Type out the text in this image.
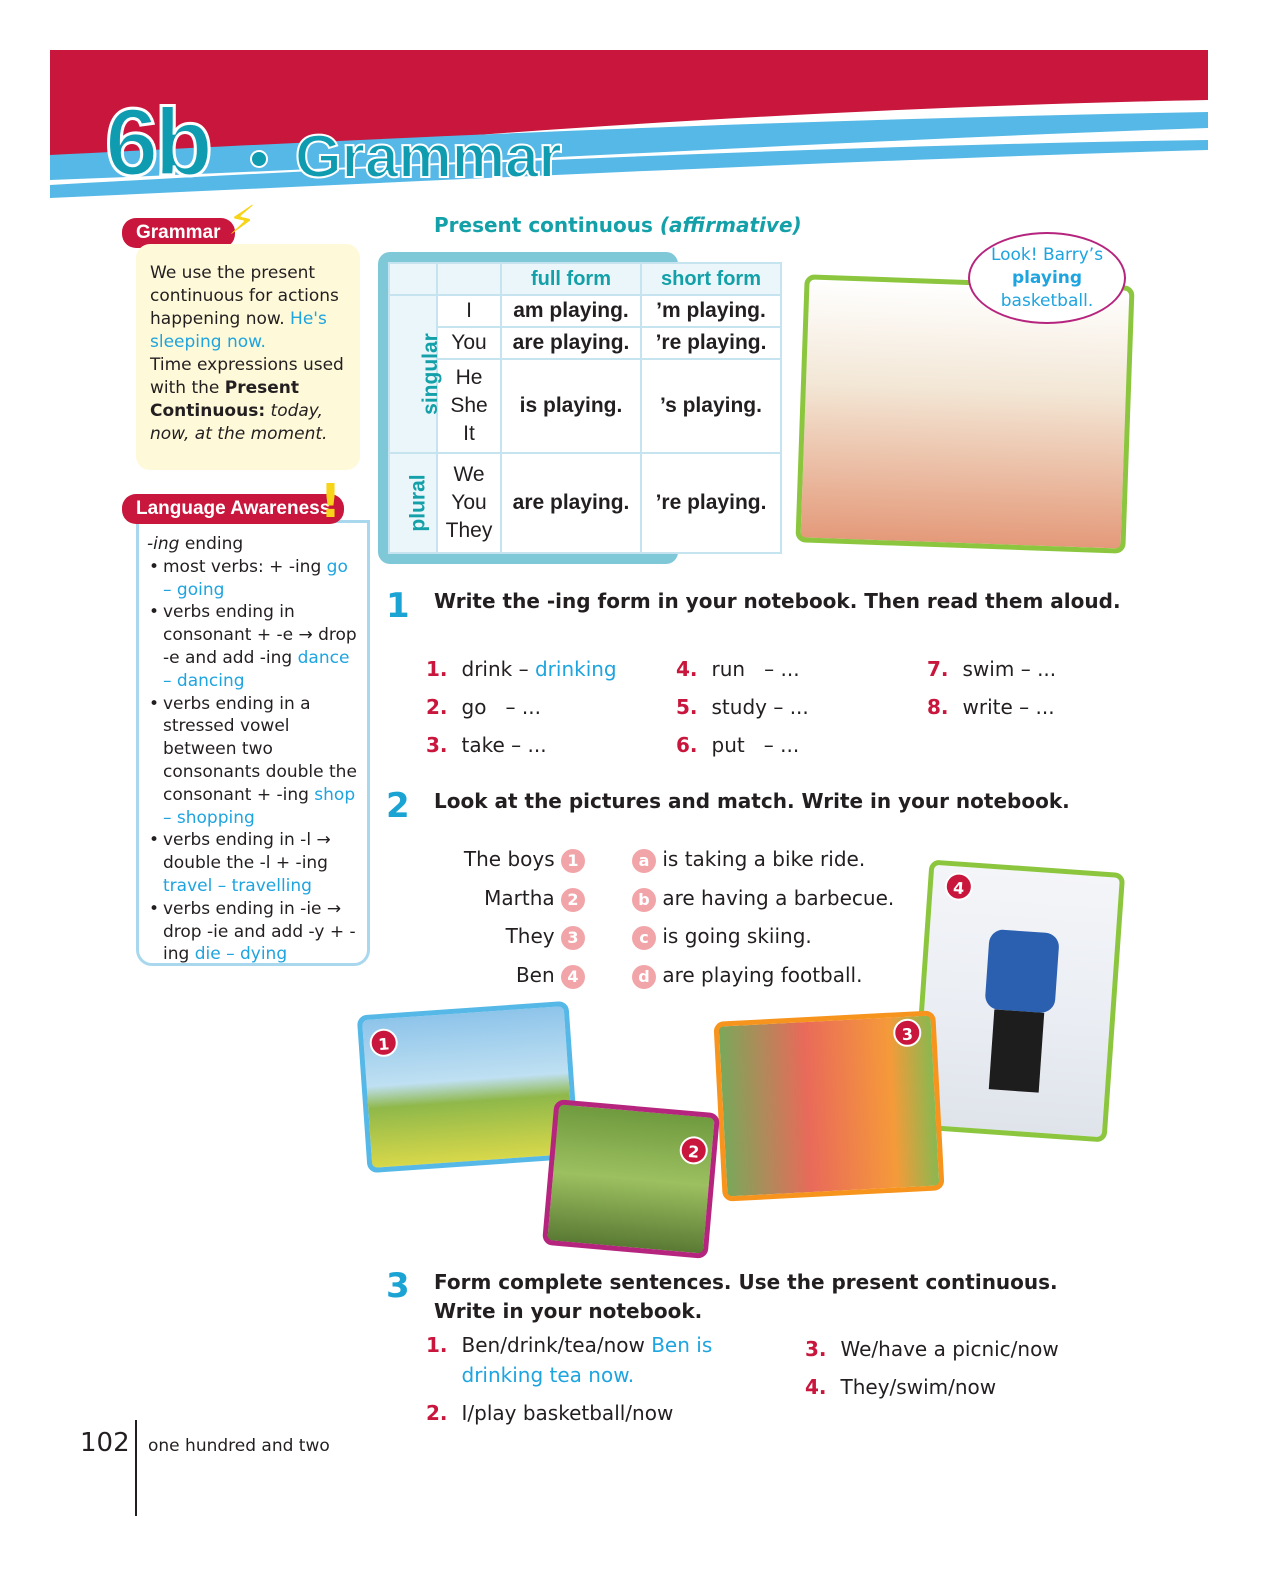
6b Grammar
Grammar ⚡
We use the present continuous for actions happening now. He's sleeping now.
Time expressions used with the Present Continuous: today, now, at the moment.
-ing ending
• most verbs: + -ing go – going
• verbs ending in consonant + -e → drop -e and add -ing dance – dancing
• verbs ending in a stressed vowel between two consonants double the consonant + -ing shop – shopping
• verbs ending in -l → double the -l + -ing travel – travelling
• verbs ending in -ie → drop -ie and add -y + -ing die – dying
Language Awareness
!
Present continuous (affirmative)
		full form	short form
singular	I	am playing.	’m playing.
	You	are playing.	’re playing.
	He She It	is playing.	’s playing.
plural	We You They	are playing.	’re playing.
Look! Barry’s
playing
basketball.
1 Write the -ing form in your notebook. Then read them aloud.
1. drink – drinking
2. go   – ...
3. take – ...
4. run   – ...
5. study – ...
6. put   – ...
7. swim – ...
8. write – ...
2 Look at the pictures and match. Write in your notebook.
The boys 1
Martha 2
They 3
Ben 4
a is taking a bike ride.
b are having a barbecue.
c is going skiing.
d are playing football.
1
4
3
2
3 Form complete sentences. Use the present continuous. Write in your notebook.
1. Ben/drink/tea/now Ben is drinking tea now.
2. I/play basketball/now
3. We/have a picnic/now
4. They/swim/now
102 one hundred and two
